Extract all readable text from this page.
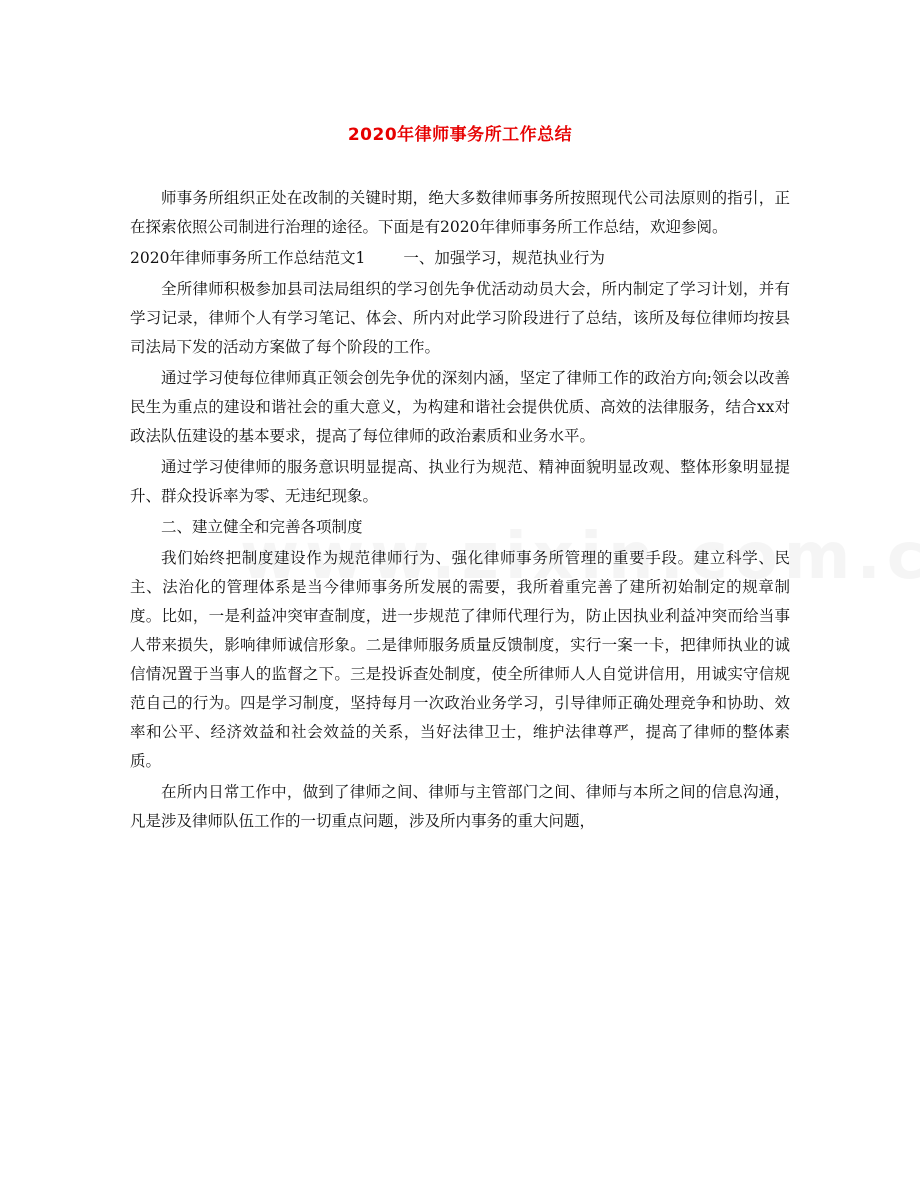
2020年律师事务所工作总结

师事务所组织正处在改制的关键时期，绝大多数律师事务所按照现代公司法原则的指引，正在探索依照公司制进行治理的途径。下面是有2020年律师事务所工作总结，欢迎参阅。

2020年律师事务所工作总结范文1 一、加强学习，规范执业行为

全所律师积极参加县司法局组织的学习创先争优活动动员大会，所内制定了学习计划，并有学习记录，律师个人有学习笔记、体会、所内对此学习阶段进行了总结，该所及每位律师均按县司法局下发的活动方案做了每个阶段的工作。

通过学习使每位律师真正领会创先争优的深刻内涵，坚定了律师工作的政治方向;领会以改善民生为重点的建设和谐社会的重大意义，为构建和谐社会提供优质、高效的法律服务，结合xx对政法队伍建设的基本要求，提高了每位律师的政治素质和业务水平。

通过学习使律师的服务意识明显提高、执业行为规范、精神面貌明显改观、整体形象明显提升、群众投诉率为零、无违纪现象。

二、建立健全和完善各项制度

我们始终把制度建设作为规范律师行为、强化律师事务所管理的重要手段。建立科学、民主、法治化的管理体系是当今律师事务所发展的需要，我所着重完善了建所初始制定的规章制度。比如，一是利益冲突审查制度，进一步规范了律师代理行为，防止因执业利益冲突而给当事人带来损失，影响律师诚信形象。二是律师服务质量反馈制度，实行一案一卡，把律师执业的诚信情况置于当事人的监督之下。三是投诉查处制度，使全所律师人人自觉讲信用，用诚实守信规范自己的行为。四是学习制度，坚持每月一次政治业务学习，引导律师正确处理竞争和协助、效率和公平、经济效益和社会效益的关系，当好法律卫士，维护法律尊严，提高了律师的整体素质。

在所内日常工作中，做到了律师之间、律师与主管部门之间、律师与本所之间的信息沟通，凡是涉及律师队伍工作的一切重点问题，涉及所内事务的重大问题，
